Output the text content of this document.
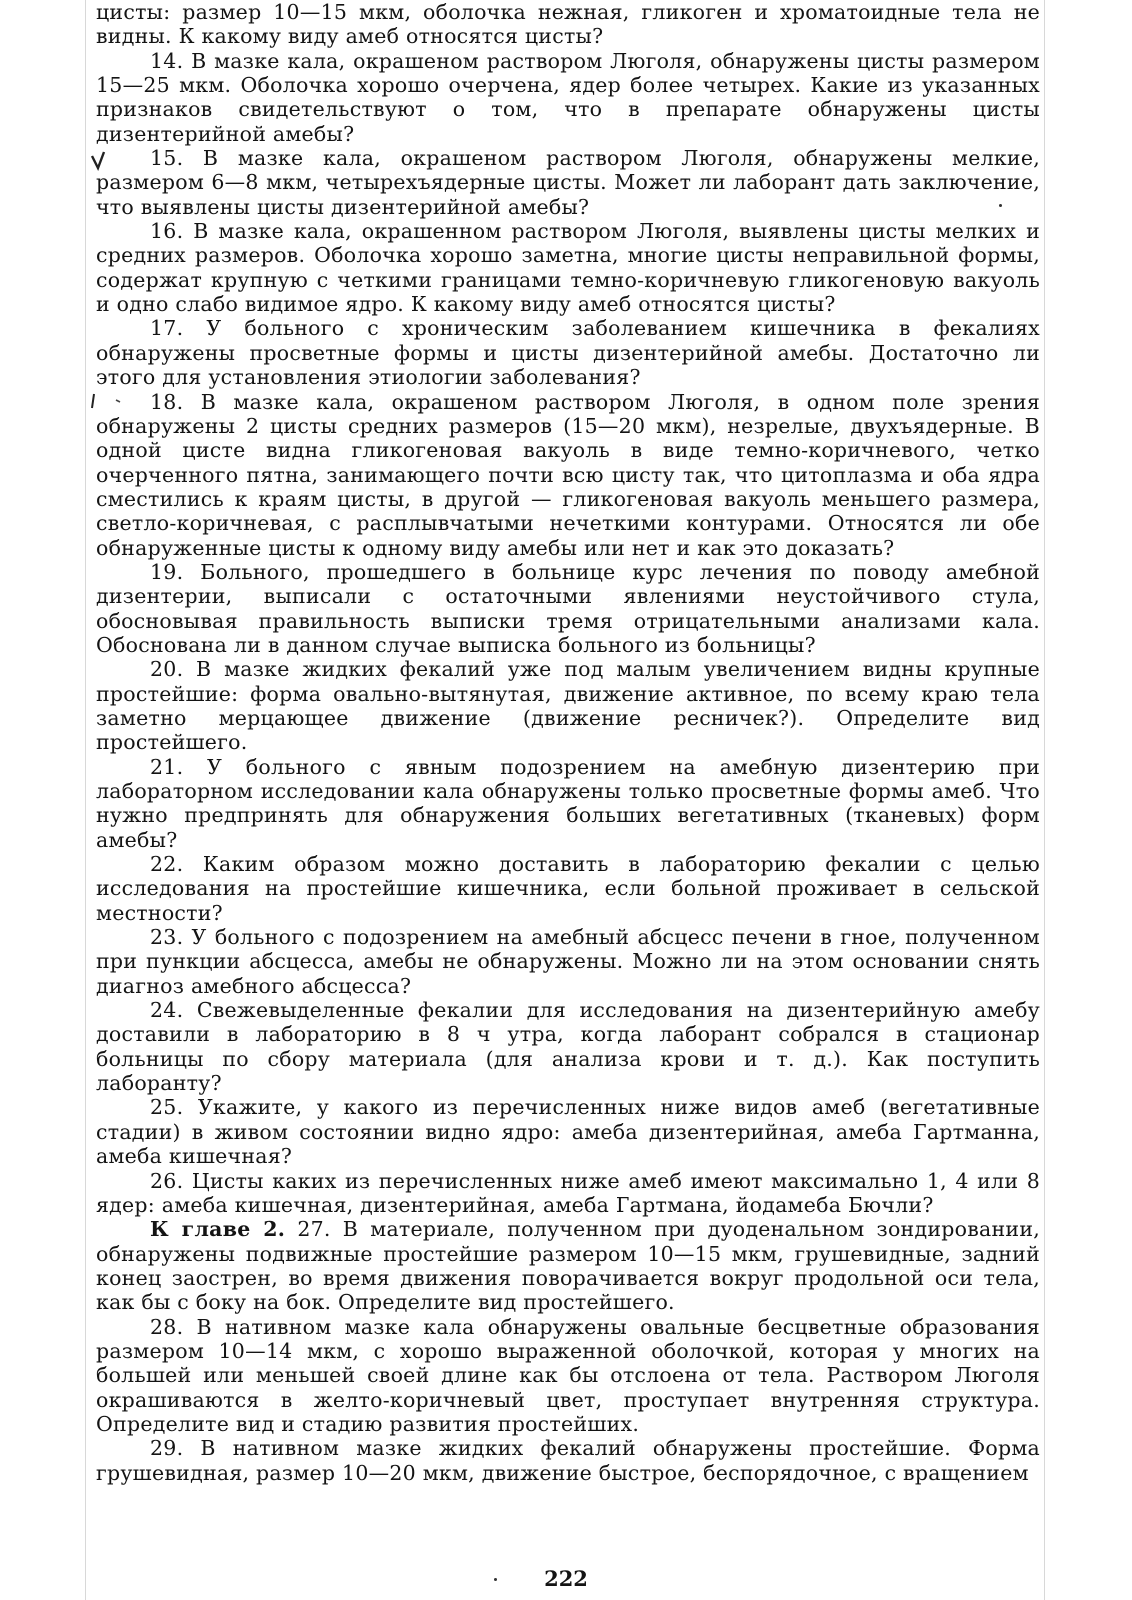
цисты: размер 10—15 мкм, оболочка нежная, гликоген и хроматоидные тела не видны. К какому виду амеб относятся цисты?

14. В мазке кала, окрашеном раствором Люголя, обнаружены цисты размером 15—25 мкм. Оболочка хорошо очерчена, ядер более четырех. Какие из указанных признаков свидетельствуют о том, что в препарате обнаружены цисты дизентерийной амебы?

15. В мазке кала, окрашеном раствором Люголя, обнаружены мелкие, размером 6—8 мкм, четырехъядерные цисты. Может ли лаборант дать заключение, что выявлены цисты дизентерийной амебы?

16. В мазке кала, окрашенном раствором Люголя, выявлены цисты мелких и средних размеров. Оболочка хорошо заметна, многие цисты неправильной формы, содержат крупную с четкими границами темно-коричневую гликогеновую вакуоль и одно слабо видимое ядро. К какому виду амеб относятся цисты?

17. У больного с хроническим заболеванием кишечника в фекалиях обнаружены просветные формы и цисты дизентерийной амебы. Достаточно ли этого для установления этиологии заболевания?

18. В мазке кала, окрашеном раствором Люголя, в одном поле зрения обнаружены 2 цисты средних размеров (15—20 мкм), незрелые, двухъядерные. В одной цисте видна гликогеновая вакуоль в виде темно-коричневого, четко очерченного пятна, занимающего почти всю цисту так, что цитоплазма и оба ядра сместились к краям цисты, в другой — гликогеновая вакуоль меньшего размера, светло-коричневая, с расплывчатыми нечеткими контурами. Относятся ли обе обнаруженные цисты к одному виду амебы или нет и как это доказать?

19. Больного, прошедшего в больнице курс лечения по поводу амебной дизентерии, выписали с остаточными явлениями неустойчивого стула, обосновывая правильность выписки тремя отрицательными анализами кала. Обоснована ли в данном случае выписка больного из больницы?

20. В мазке жидких фекалий уже под малым увеличением видны крупные простейшие: форма овально-вытянутая, движение активное, по всему краю тела заметно мерцающее движение (движение ресничек?). Определите вид простейшего.

21. У больного с явным подозрением на амебную дизентерию при лабораторном исследовании кала обнаружены только просветные формы амеб. Что нужно предпринять для обнаружения больших вегетативных (тканевых) форм амебы?

22. Каким образом можно доставить в лабораторию фекалии с целью исследования на простейшие кишечника, если больной проживает в сельской местности?

23. У больного с подозрением на амебный абсцесс печени в гное, полученном при пункции абсцесса, амебы не обнаружены. Можно ли на этом основании снять диагноз амебного абсцесса?

24. Свежевыделенные фекалии для исследования на дизентерийную амебу доставили в лабораторию в 8 ч утра, когда лаборант собрался в стационар больницы по сбору материала (для анализа крови и т. д.). Как поступить лаборанту?

25. Укажите, у какого из перечисленных ниже видов амеб (вегетативные стадии) в живом состоянии видно ядро: амеба дизентерийная, амеба Гартманна, амеба кишечная?

26. Цисты каких из перечисленных ниже амеб имеют максимально 1, 4 или 8 ядер: амеба кишечная, дизентерийная, амеба Гартмана, йодамеба Бючли?

К главе 2. 27. В материале, полученном при дуоденальном зондировании, обнаружены подвижные простейшие размером 10—15 мкм, грушевидные, задний конец заострен, во время движения поворачивается вокруг продольной оси тела, как бы с боку на бок. Определите вид простейшего.

28. В нативном мазке кала обнаружены овальные бесцветные образования размером 10—14 мкм, с хорошо выраженной оболочкой, которая у многих на большей или меньшей своей длине как бы отслоена от тела. Раствором Люголя окрашиваются в желто-коричневый цвет, проступает внутренняя структура. Определите вид и стадию развития простейших.

29. В нативном мазке жидких фекалий обнаружены простейшие. Форма грушевидная, размер 10—20 мкм, движение быстрое, беспорядочное, с вращением

222
